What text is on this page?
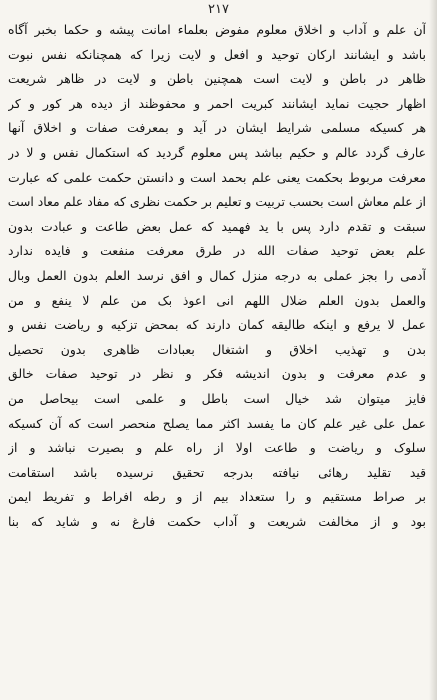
٢١٧
آن علم و آداب و اخلاق معلوم مفوض بعلماء امانت پیشه و حکما بخبر آگاه
باشد و ایشانند ارکان توحید و افعل و لایت زیرا که همچنانکه نفس نبوت
ظاهر در باطن و لایت است همچنین باطن و لایت در ظاهر شریعت
اظهار حجیت نماید ایشانند کبریت احمر و محفوظند از دیده هر کور و کر
هر کسیکه مسلمی شرایط ایشان در آید و بمعرفت صفات و اخلاق آنها
عارف گردد عالم و حکیم بباشد پس معلوم گردید که استکمال نفس و لا در
معرفت مربوط بحکمت یعنی علم بحمد است و دانستن حکمت علمی که عبارت
از علم معاش است بحسب تربیت و تعلیم بر حکمت نظری که مفاد علم معاد است
سبقت و تقدم دارد پس با ید فهمید که عمل بعض طاعت و عبادت بدون
علم بعض توحید صفات الله در طرق معرفت منفعت و فایده ندارد
آدمی را بجز عملی به درجه منزل کمال و افق نرسد العلم بدون العمل وبال
والعمل بدون العلم ضلال اللهم انی اعوذ بک من علم لا ینفع و من
عمل لا یرفع و اینکه طالیقه کمان دارند که بمحض تزکیه و ریاضت نفس و
بدن و تهذیب اخلاق و اشتغال بعبادات ظاهری بدون تحصیل
و عدم معرفت و بدون اندیشه فکر و نظر در توحید صفات خالق
فایز میتوان شد خیال است باطل و علمی است بیحاصل من
عمل علی غیر علم کان ما یفسد اکثر مما یصلح منحصر است که آن کسیکه
سلوک و ریاضت و طاعت اولا از راه علم و بصیرت نباشد و از
قید تقلید رهائی نیافته بدرجه تحقیق نرسیده باشد استقامت
بر صراط مستقیم و را ستعداد بیم از و رطه افراط و تفریط ایمن
بود و از مخالفت شریعت و آداب حکمت فارغ نه و شاید که بنا
